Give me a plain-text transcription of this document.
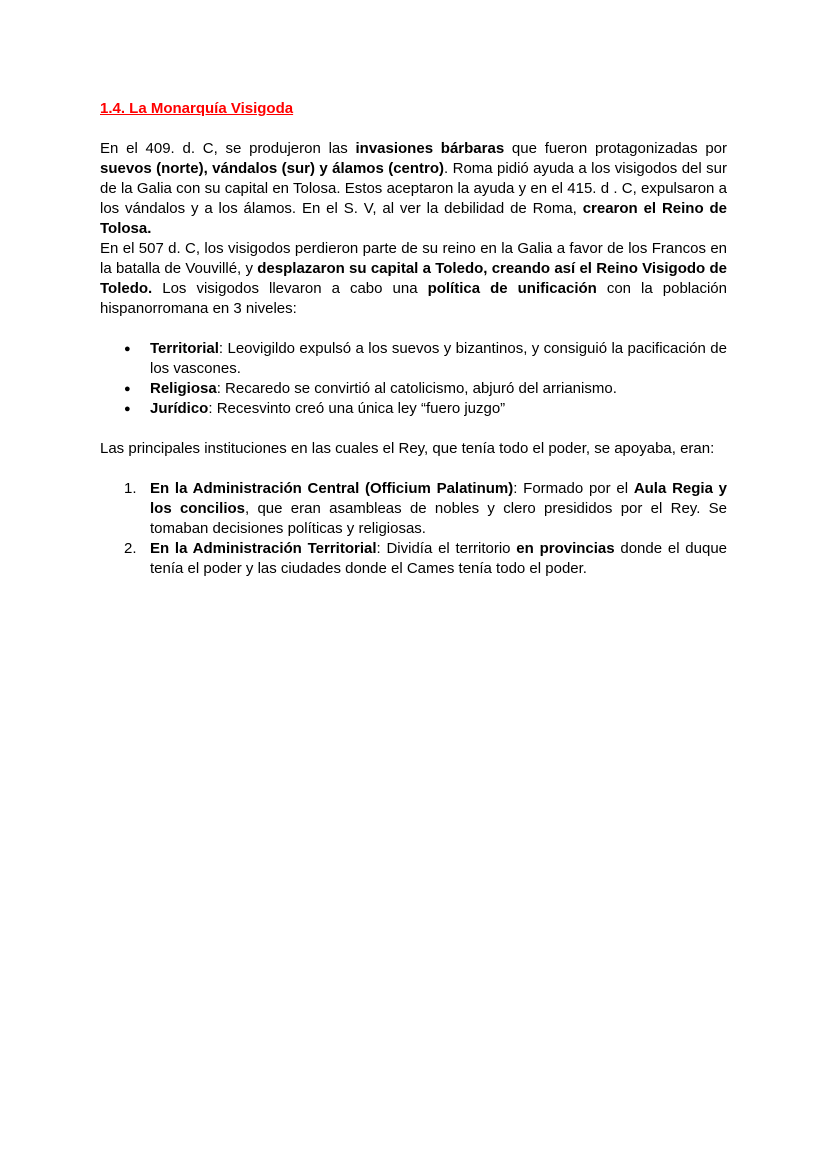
1.4. La Monarquía Visigoda

En el 409. d. C, se produjeron las invasiones bárbaras que fueron protagonizadas por suevos (norte), vándalos (sur) y álamos (centro). Roma pidió ayuda a los visigodos del sur de la Galia con su capital en Tolosa. Estos aceptaron la ayuda y en el 415. d . C, expulsaron a los vándalos y a los álamos. En el S. V, al ver la debilidad de Roma, crearon el Reino de Tolosa.

En el 507 d. C, los visigodos perdieron parte de su reino en la Galia a favor de los Francos en la batalla de Vouvillé, y desplazaron su capital a Toledo, creando así el Reino Visigodo de Toledo. Los visigodos llevaron a cabo una política de unificación con la población hispanorromana en 3 niveles:

● Territorial: Leovigildo expulsó a los suevos y bizantinos, y consiguió la pacificación de los vascones.
● Religiosa: Recaredo se convirtió al catolicismo, abjuró del arrianismo.
● Jurídico: Recesvinto creó una única ley “fuero juzgo”

Las principales instituciones en las cuales el Rey, que tenía todo el poder, se apoyaba, eran:

1. En la Administración Central (Officium Palatinum): Formado por el Aula Regia y los concilios, que eran asambleas de nobles y clero presididos por el Rey. Se tomaban decisiones políticas y religiosas.
2. En la Administración Territorial: Dividía el territorio en provincias donde el duque tenía el poder y las ciudades donde el Cames tenía todo el poder.
